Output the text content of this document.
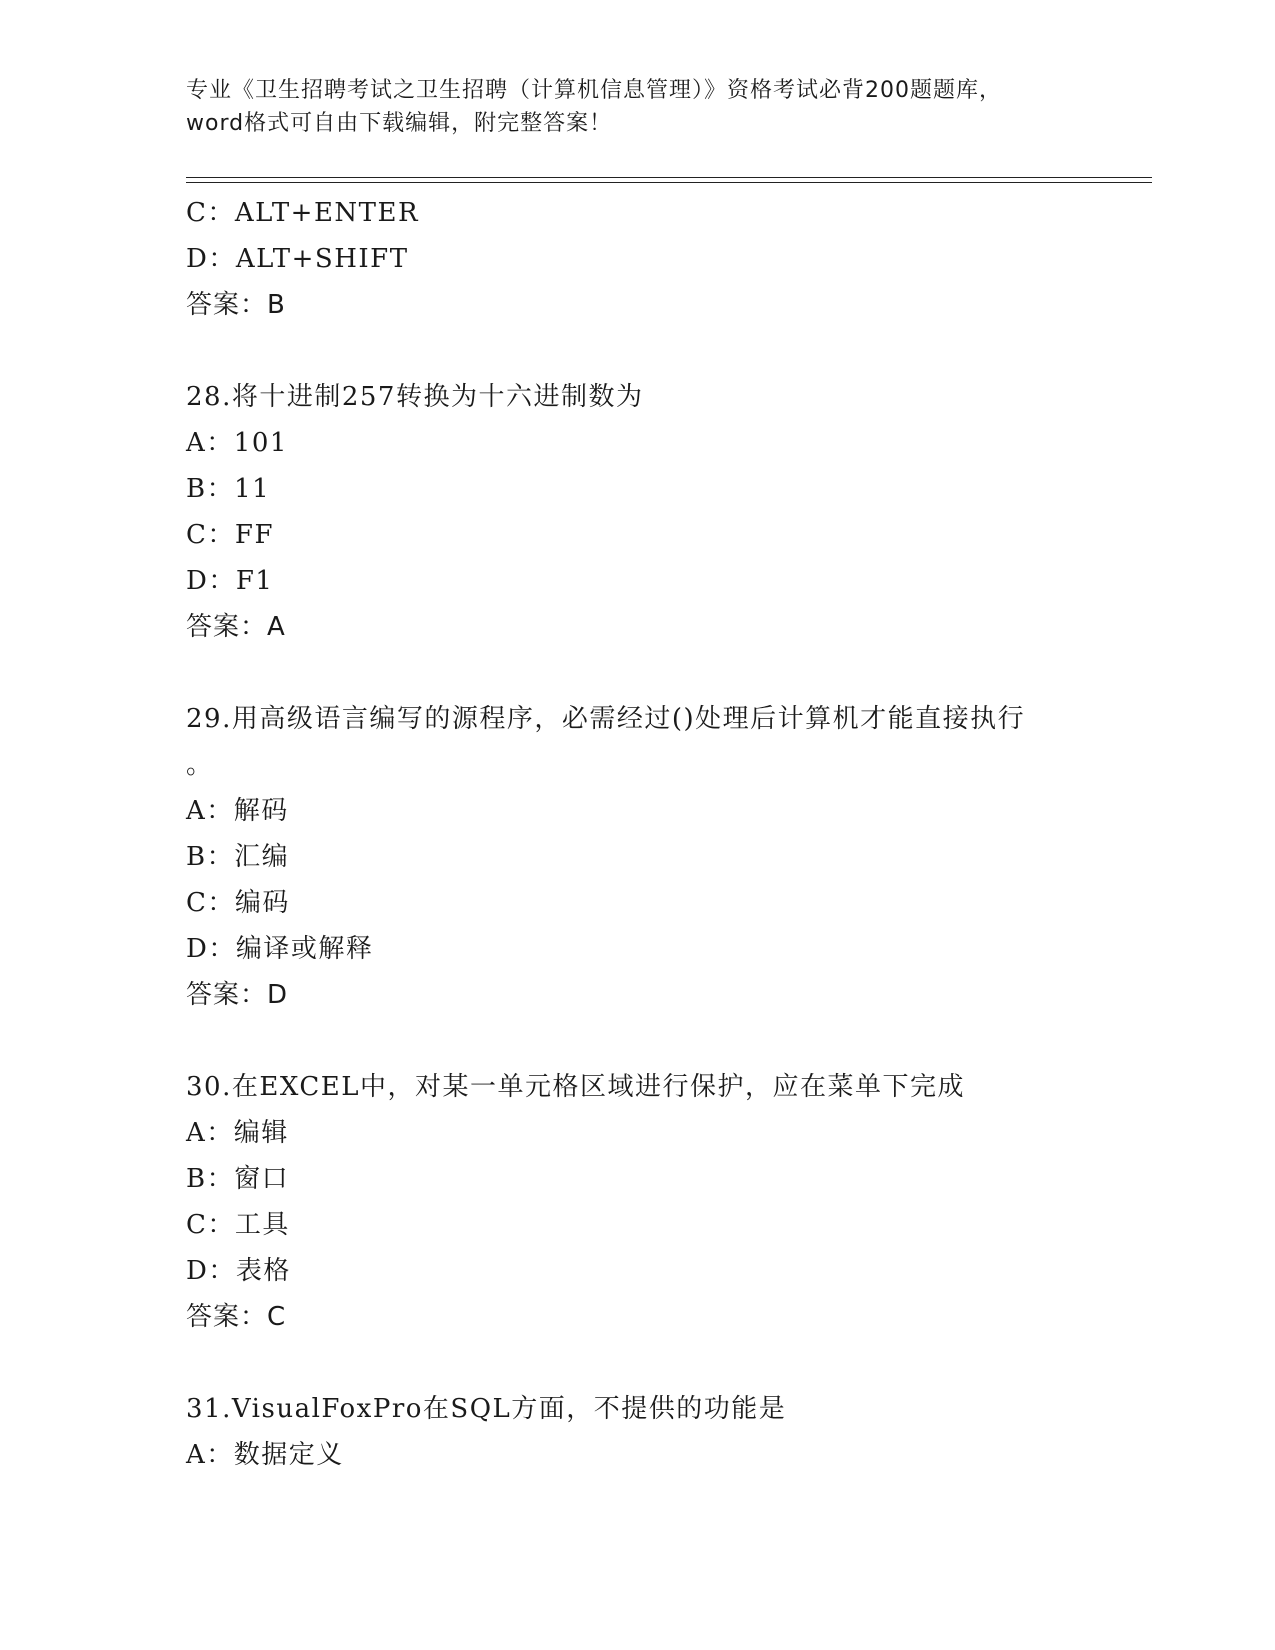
专业《卫生招聘考试之卫生招聘（计算机信息管理）》资格考试必背200题题库，
word格式可自由下载编辑，附完整答案！
C：ALT+ENTER
D：ALT+SHIFT
答案：B
28.将十进制257转换为十六进制数为
A：101
B：11
C：FF
D：F1
答案：A
29.用高级语言编写的源程序，必需经过()处理后计算机才能直接执行
。
A：解码
B：汇编
C：编码
D：编译或解释
答案：D
30.在EXCEL中，对某一单元格区域进行保护，应在菜单下完成
A：编辑
B：窗口
C：工具
D：表格
答案：C
31.VisualFoxPro在SQL方面，不提供的功能是
A：数据定义
